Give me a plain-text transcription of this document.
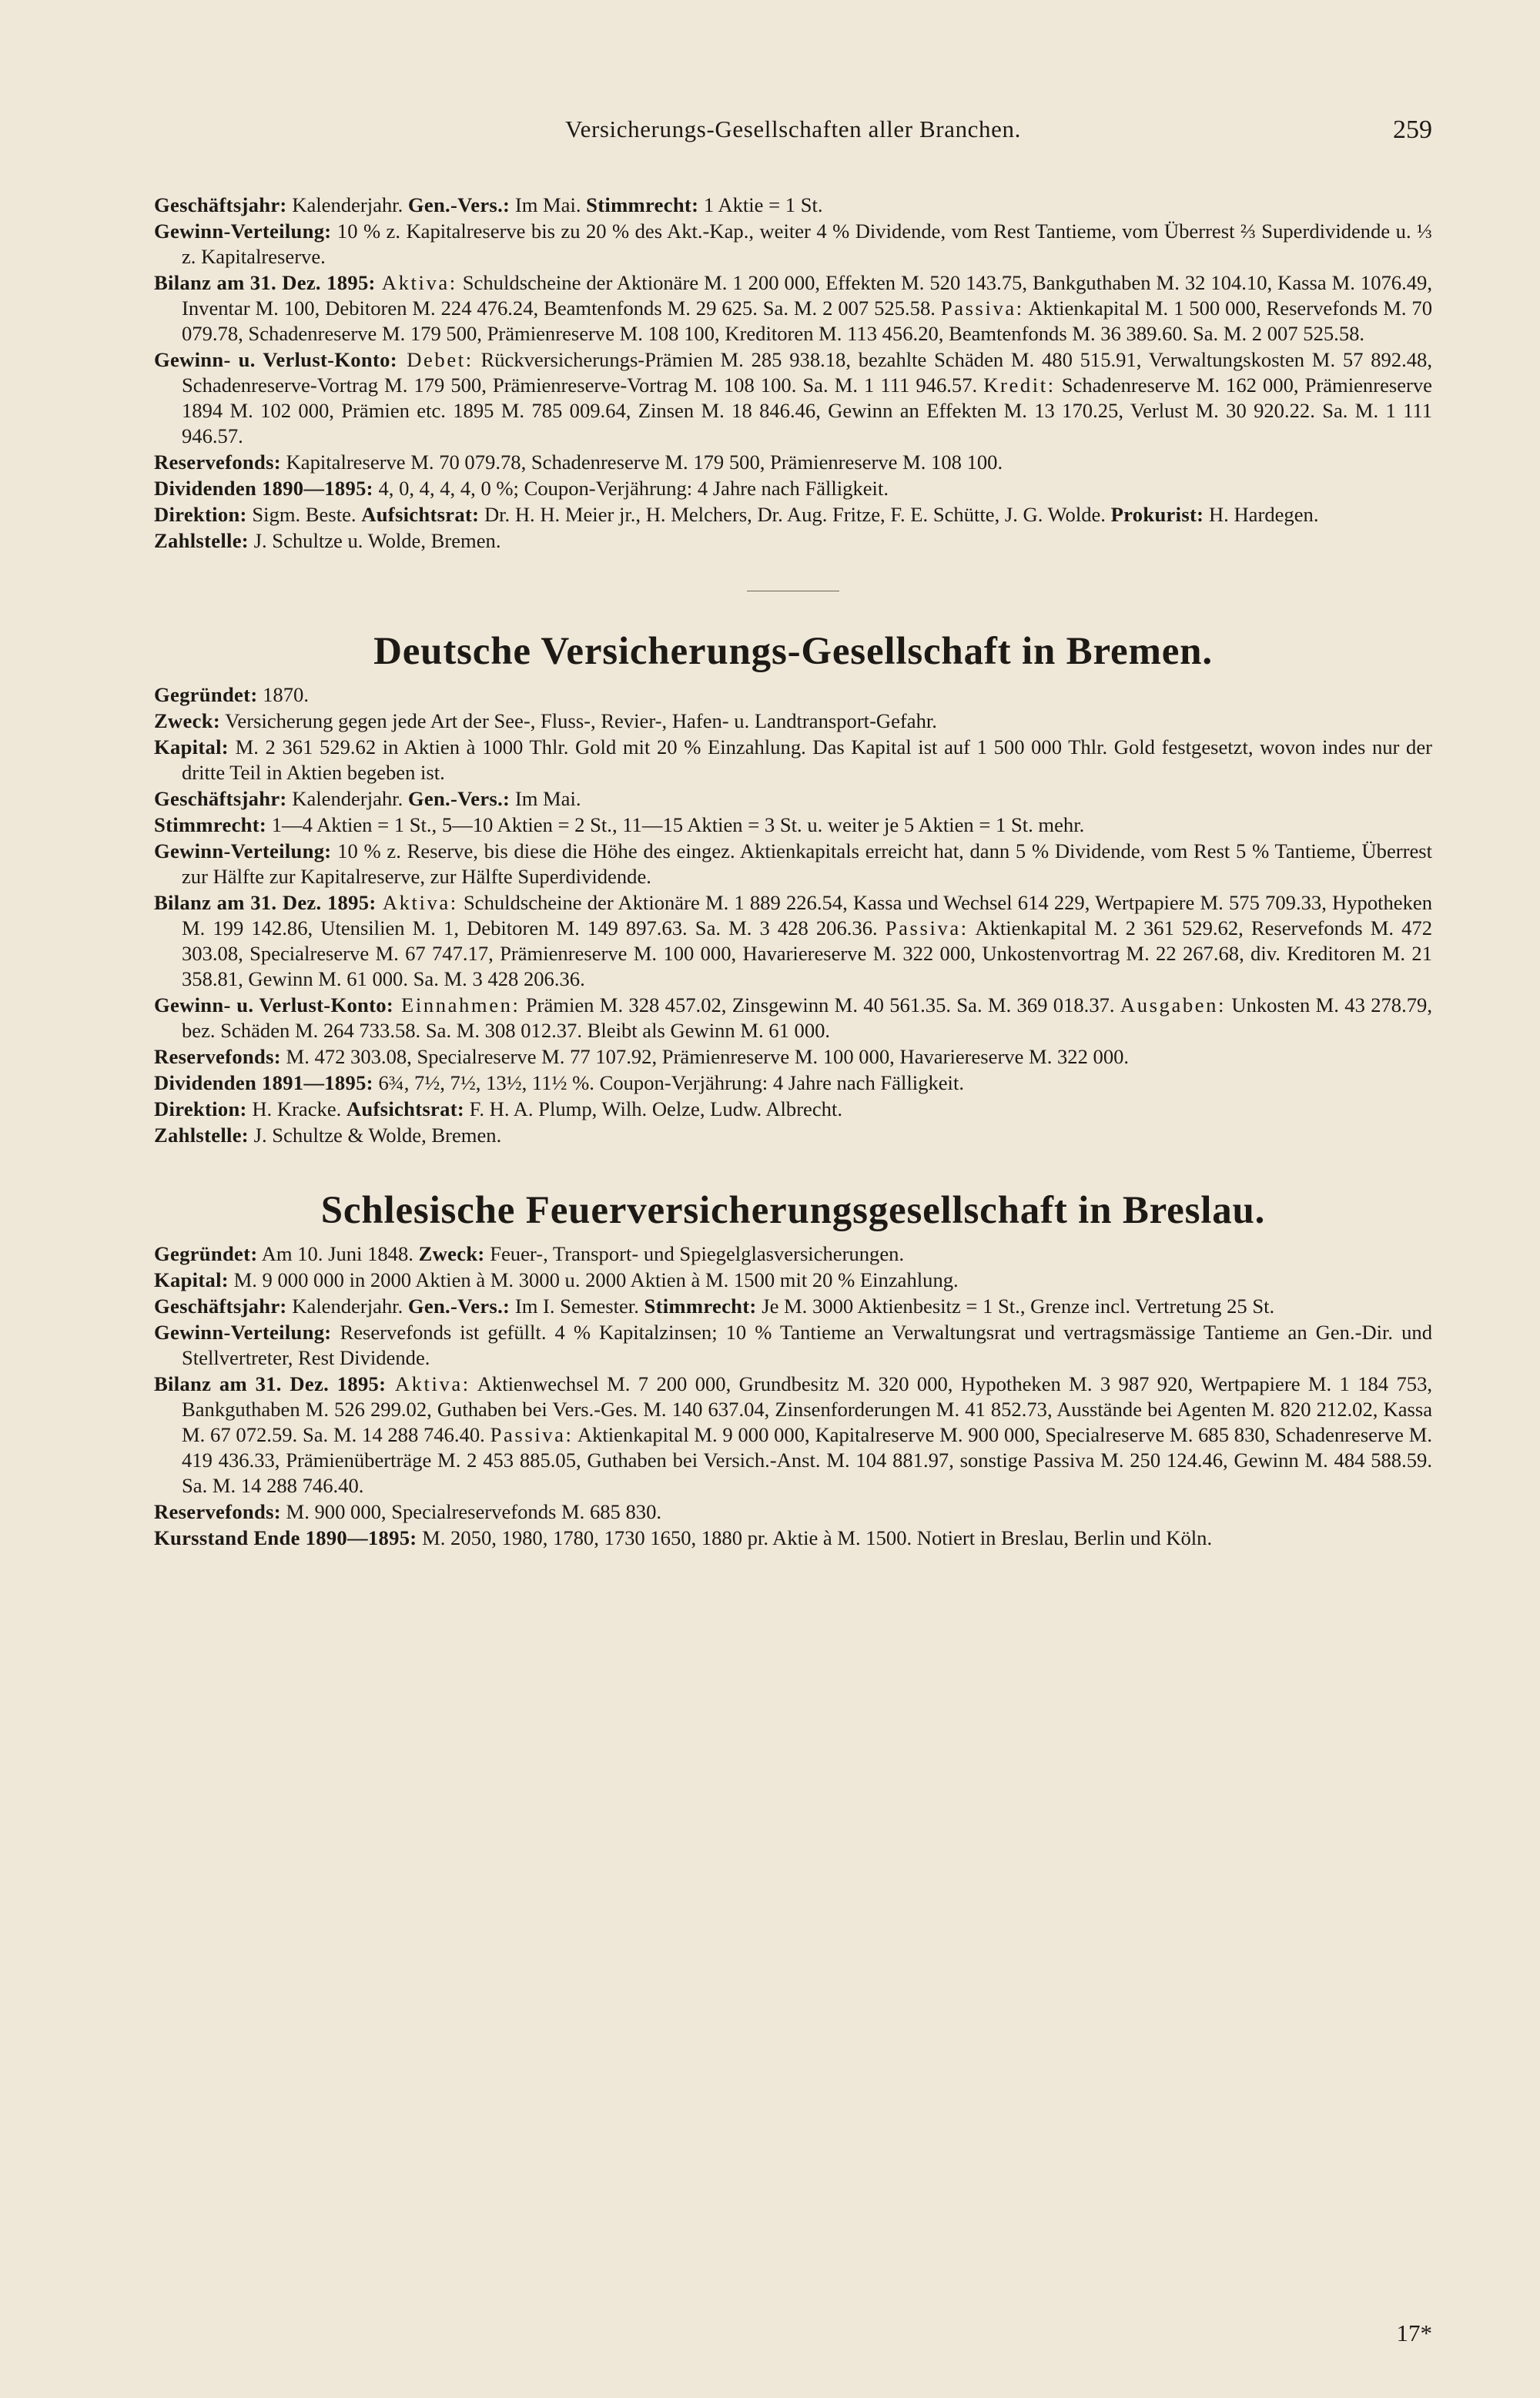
Versicherungs-Gesellschaften aller Branchen.	259

Geschäftsjahr: Kalenderjahr. Gen.-Vers.: Im Mai. Stimmrecht: 1 Aktie = 1 St.

Gewinn-Verteilung: 10 % z. Kapitalreserve bis zu 20 % des Akt.-Kap., weiter 4 % Dividende, vom Rest Tantieme, vom Überrest ⅔ Superdividende u. ⅓ z. Kapitalreserve.

Bilanz am 31. Dez. 1895: Aktiva: Schuldscheine der Aktionäre M. 1 200 000, Effekten M. 520 143.75, Bankguthaben M. 32 104.10, Kassa M. 1076.49, Inventar M. 100, Debitoren M. 224 476.24, Beamtenfonds M. 29 625. Sa. M. 2 007 525.58. Passiva: Aktienkapital M. 1 500 000, Reservefonds M. 70 079.78, Schadenreserve M. 179 500, Prämienreserve M. 108 100, Kreditoren M. 113 456.20, Beamtenfonds M. 36 389.60. Sa. M. 2 007 525.58.

Gewinn- u. Verlust-Konto: Debet: Rückversicherungs-Prämien M. 285 938.18, bezahlte Schäden M. 480 515.91, Verwaltungskosten M. 57 892.48, Schadenreserve-Vortrag M. 179 500, Prämienreserve-Vortrag M. 108 100. Sa. M. 1 111 946.57. Kredit: Schadenreserve M. 162 000, Prämienreserve 1894 M. 102 000, Prämien etc. 1895 M. 785 009.64, Zinsen M. 18 846.46, Gewinn an Effekten M. 13 170.25, Verlust M. 30 920.22. Sa. M. 1 111 946.57.

Reservefonds: Kapitalreserve M. 70 079.78, Schadenreserve M. 179 500, Prämienreserve M. 108 100.

Dividenden 1890—1895: 4, 0, 4, 4, 4, 0 %; Coupon-Verjährung: 4 Jahre nach Fälligkeit.

Direktion: Sigm. Beste. Aufsichtsrat: Dr. H. H. Meier jr., H. Melchers, Dr. Aug. Fritze, F. E. Schütte, J. G. Wolde. Prokurist: H. Hardegen.

Zahlstelle: J. Schultze u. Wolde, Bremen.

Deutsche Versicherungs-Gesellschaft in Bremen.

Gegründet: 1870.

Zweck: Versicherung gegen jede Art der See-, Fluss-, Revier-, Hafen- u. Landtransport-Gefahr.

Kapital: M. 2 361 529.62 in Aktien à 1000 Thlr. Gold mit 20 % Einzahlung. Das Kapital ist auf 1 500 000 Thlr. Gold festgesetzt, wovon indes nur der dritte Teil in Aktien begeben ist.

Geschäftsjahr: Kalenderjahr. Gen.-Vers.: Im Mai.

Stimmrecht: 1—4 Aktien = 1 St., 5—10 Aktien = 2 St., 11—15 Aktien = 3 St. u. weiter je 5 Aktien = 1 St. mehr.

Gewinn-Verteilung: 10 % z. Reserve, bis diese die Höhe des eingez. Aktienkapitals erreicht hat, dann 5 % Dividende, vom Rest 5 % Tantieme, Überrest zur Hälfte zur Kapitalreserve, zur Hälfte Superdividende.

Bilanz am 31. Dez. 1895: Aktiva: Schuldscheine der Aktionäre M. 1 889 226.54, Kassa und Wechsel 614 229, Wertpapiere M. 575 709.33, Hypotheken M. 199 142.86, Utensilien M. 1, Debitoren M. 149 897.63. Sa. M. 3 428 206.36. Passiva: Aktienkapital M. 2 361 529.62, Reservefonds M. 472 303.08, Specialreserve M. 67 747.17, Prämienreserve M. 100 000, Havariereserve M. 322 000, Unkostenvortrag M. 22 267.68, div. Kreditoren M. 21 358.81, Gewinn M. 61 000. Sa. M. 3 428 206.36.

Gewinn- u. Verlust-Konto: Einnahmen: Prämien M. 328 457.02, Zinsgewinn M. 40 561.35. Sa. M. 369 018.37. Ausgaben: Unkosten M. 43 278.79, bez. Schäden M. 264 733.58. Sa. M. 308 012.37. Bleibt als Gewinn M. 61 000.

Reservefonds: M. 472 303.08, Specialreserve M. 77 107.92, Prämienreserve M. 100 000, Havariereserve M. 322 000.

Dividenden 1891—1895: 6¾, 7½, 7½, 13½, 11½ %. Coupon-Verjährung: 4 Jahre nach Fälligkeit.

Direktion: H. Kracke. Aufsichtsrat: F. H. A. Plump, Wilh. Oelze, Ludw. Albrecht.

Zahlstelle: J. Schultze & Wolde, Bremen.

Schlesische Feuerversicherungsgesellschaft in Breslau.

Gegründet: Am 10. Juni 1848. Zweck: Feuer-, Transport- und Spiegelglasversicherungen.

Kapital: M. 9 000 000 in 2000 Aktien à M. 3000 u. 2000 Aktien à M. 1500 mit 20 % Einzahlung.

Geschäftsjahr: Kalenderjahr. Gen.-Vers.: Im I. Semester. Stimmrecht: Je M. 3000 Aktienbesitz = 1 St., Grenze incl. Vertretung 25 St.

Gewinn-Verteilung: Reservefonds ist gefüllt. 4 % Kapitalzinsen; 10 % Tantieme an Verwaltungsrat und vertragsmässige Tantieme an Gen.-Dir. und Stellvertreter, Rest Dividende.

Bilanz am 31. Dez. 1895: Aktiva: Aktienwechsel M. 7 200 000, Grundbesitz M. 320 000, Hypotheken M. 3 987 920, Wertpapiere M. 1 184 753, Bankguthaben M. 526 299.02, Guthaben bei Vers.-Ges. M. 140 637.04, Zinsenforderungen M. 41 852.73, Ausstände bei Agenten M. 820 212.02, Kassa M. 67 072.59. Sa. M. 14 288 746.40. Passiva: Aktienkapital M. 9 000 000, Kapitalreserve M. 900 000, Specialreserve M. 685 830, Schadenreserve M. 419 436.33, Prämienüberträge M. 2 453 885.05, Guthaben bei Versich.-Anst. M. 104 881.97, sonstige Passiva M. 250 124.46, Gewinn M. 484 588.59. Sa. M. 14 288 746.40.

Reservefonds: M. 900 000, Specialreservefonds M. 685 830.

Kursstand Ende 1890—1895: M. 2050, 1980, 1780, 1730 1650, 1880 pr. Aktie à M. 1500. Notiert in Breslau, Berlin und Köln.

17*
